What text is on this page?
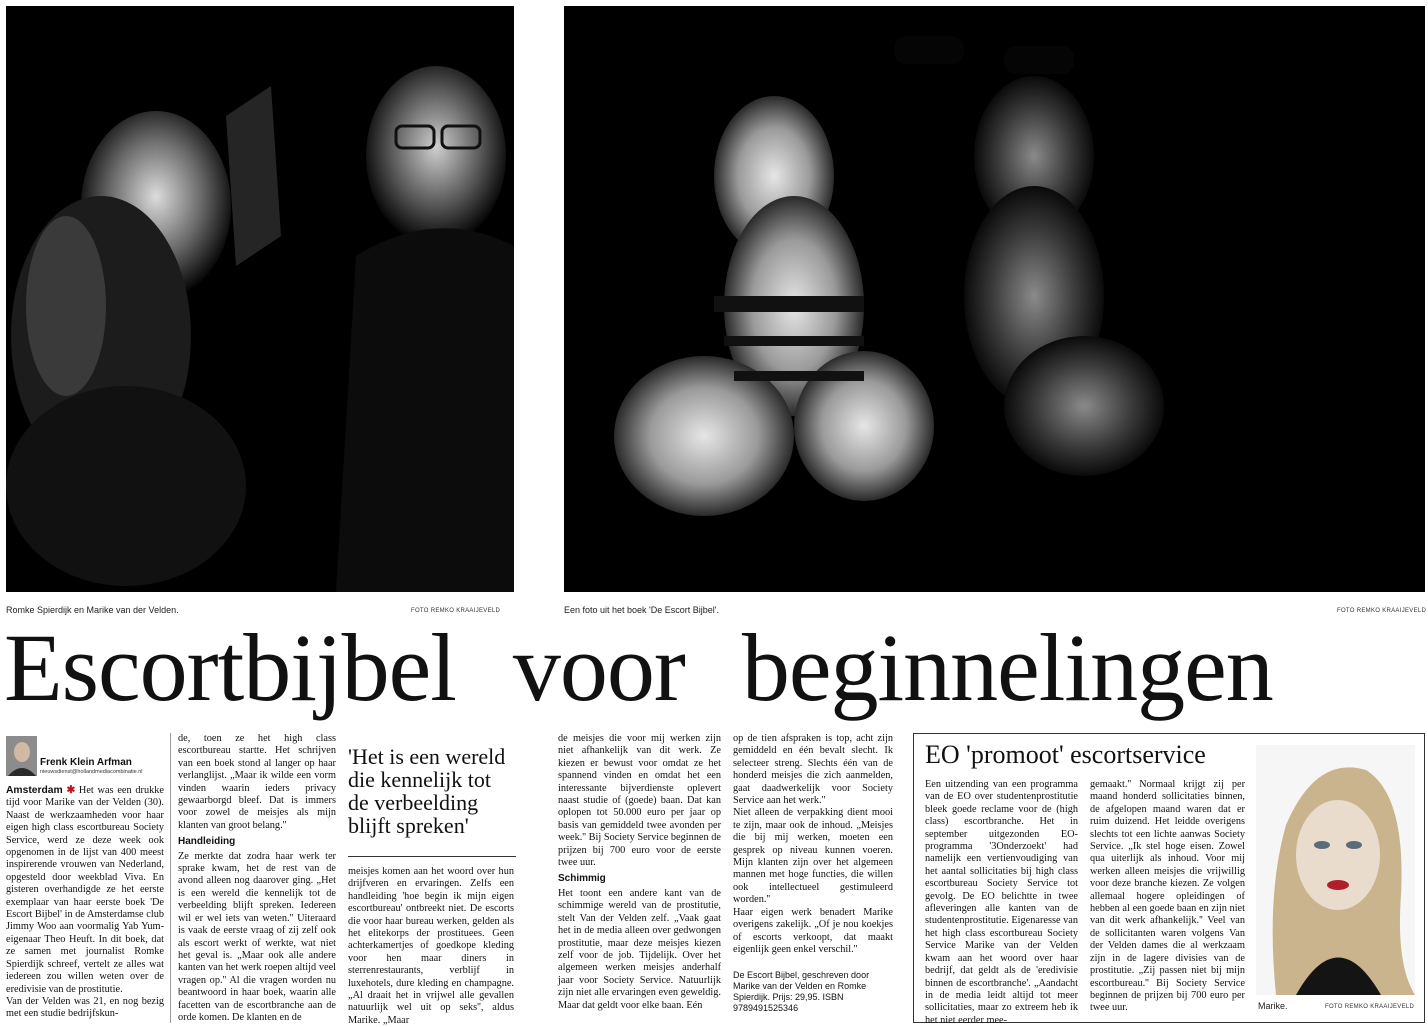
Romke Spierdijk en Marike van der Velden.	FOTO REMKO KRAAIJEVELD	Een foto uit het boek 'De Escort Bijbel'.	FOTO REMKO KRAAIJEVELD
Escortbijbel voor beginnelingen
Frenk Klein Arfman
nieuwsdienst@hollandmediacombinatie.nl

Amsterdam ✱ Het was een drukke tijd voor Marike van der Velden (30). Naast de werkzaamheden voor haar eigen high class escortbureau Society Service, werd ze deze week ook opgenomen in de lijst van 400 meest inspirerende vrouwen van Nederland, opgesteld door weekblad Viva. En gisteren overhandigde ze het eerste exemplaar van haar eerste boek 'De Escort Bijbel' in de Amsterdamse club Jimmy Woo aan voormalig Yab Yum-eigenaar Theo Heuft. In dit boek, dat ze samen met journalist Romke Spierdijk schreef, vertelt ze alles wat iedereen zou willen weten over de eredivisie van de prostitutie.

Van der Velden was 21, en nog bezig met een studie bedrijfskun-

de, toen ze het high class escortbureau startte. Het schrijven van een boek stond al langer op haar verlanglijst. „Maar ik wilde een vorm vinden waarin ieders privacy gewaarborgd bleef. Dat is immers voor zowel de meisjes als mijn klanten van groot belang.''

Handleiding

Ze merkte dat zodra haar werk ter sprake kwam, het de rest van de avond alleen nog daarover ging. „Het is een wereld die kennelijk tot de verbeelding blijft spreken. Iedereen wil er wel iets van weten.'' Uiteraard is vaak de eerste vraag of zij zelf ook als escort werkt of werkte, wat niet het geval is. „Maar ook alle andere kanten van het werk roepen altijd veel vragen op.'' Al die vragen worden nu beantwoord in haar boek, waarin alle facetten van de escortbranche aan de orde komen. De klanten en de

'Het is een wereld die kennelijk tot de verbeelding blijft spreken'

meisjes komen aan het woord over hun drijfveren en ervaringen. Zelfs een handleiding 'hoe begin ik mijn eigen escortbureau' ontbreekt niet. De escorts die voor haar bureau werken, gelden als het elitekorps der prostituees. Geen achterkamertjes of goedkope kleding voor hen maar diners in sterrenrestaurants, verblijf in luxehotels, dure kleding en champagne. „Al draait het in vrijwel alle gevallen natuurlijk wel uit op seks'', aldus Marike. „Maar

de meisjes die voor mij werken zijn niet afhankelijk van dit werk. Ze kiezen er bewust voor omdat ze het spannend vinden en omdat het een interessante bijverdienste oplevert naast studie of (goede) baan. Dat kan oplopen tot 50.000 euro per jaar op basis van gemiddeld twee avonden per week.'' Bij Society Service beginnen de prijzen bij 700 euro voor de eerste twee uur.

Schimmig

Het toont een andere kant van de schimmige wereld van de prostitutie, stelt Van der Velden zelf. „Vaak gaat het in de media alleen over gedwongen prostitutie, maar deze meisjes kiezen zelf voor de job. Tijdelijk. Over het algemeen werken meisjes anderhalf jaar voor Society Service. Natuurlijk zijn niet alle ervaringen even geweldig. Maar dat geldt voor elke baan. Eén

op de tien afspraken is top, acht zijn gemiddeld en één bevalt slecht. Ik selecteer streng. Slechts één van de honderd meisjes die zich aanmelden, gaat daadwerkelijk voor Society Service aan het werk.''

Niet alleen de verpakking dient mooi te zijn, maar ook de inhoud. „Meisjes die bij mij werken, moeten een gesprek op niveau kunnen voeren. Mijn klanten zijn over het algemeen mannen met hoge functies, die willen ook intellectueel gestimuleerd worden.''

Haar eigen werk benadert Marike overigens zakelijk. „Of je nou koekjes of escorts verkoopt, dat maakt eigenlijk geen enkel verschil.''

De Escort Bijbel, geschreven door Marike van der Velden en Romke Spierdijk. Prijs: 29,95. ISBN 9789491525346

EO 'promoot' escortservice

Een uitzending van een programma van de EO over studentenprostitutie bleek goede reclame voor de (high class) escortbranche. Het in september uitgezonden EO-programma '3Onderzoekt' had namelijk een vertienvoudiging van het aantal sollicitaties bij high class escortbureau Society Service tot gevolg. De EO belichtte in twee afleveringen alle kanten van de studentenprostitutie. Eigenaresse van het high class escortbureau Society Service Marike van der Velden kwam aan het woord over haar bedrijf, dat geldt als de 'eredivisie binnen de escortbranche'. „Aandacht in de media leidt altijd tot meer sollicitaties, maar zo extreem heb ik het niet eerder mee-

gemaakt.'' Normaal krijgt zij per maand honderd sollicitaties binnen, de afgelopen maand waren dat er ruim duizend. Het leidde overigens slechts tot een lichte aanwas Society Service. „Ik stel hoge eisen. Zowel qua uiterlijk als inhoud. Voor mij werken alleen meisjes die vrijwillig voor deze branche kiezen. Ze volgen allemaal hogere opleidingen of hebben al een goede baan en zijn niet van dit werk afhankelijk.'' Veel van de sollicitanten waren volgens Van der Velden dames die al werkzaam zijn in de lagere divisies van de prostitutie. „Zij passen niet bij mijn escortbureau.'' Bij Society Service beginnen de prijzen bij 700 euro per twee uur.	Marike.	FOTO REMKO KRAAIJEVELD
